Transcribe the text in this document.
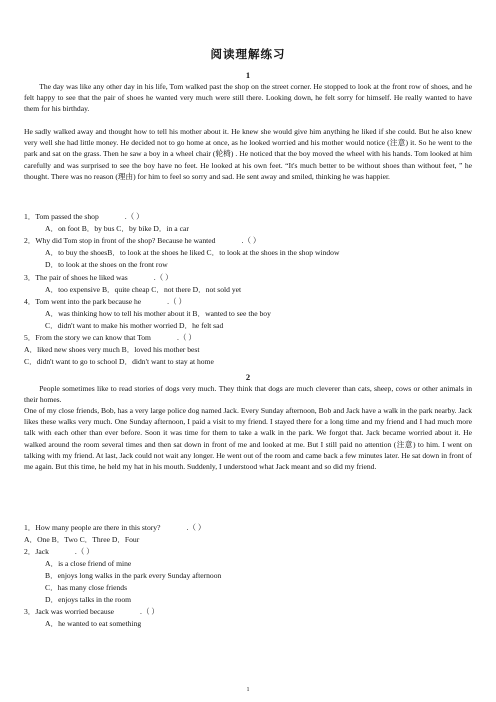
阅读理解练习
1

The day was like any other day in his life, Tom walked past the shop on the street corner. He stopped to look at the front row of shoes, and he felt happy to see that the pair of shoes he wanted very much were still there. Looking down, he felt sorry for himself. He really wanted to have them for his birthday.

He sadly walked away and thought how to tell his mother about it. He knew she would give him anything he liked if she could. But he also knew very well she had little money. He decided not to go home at once, as he looked worried and his mother would notice (注意) it. So he went to the park and sat on the grass. Then he saw a boy in a wheel chair (轮椅) . He noticed that the boy moved the wheel with his hands. Tom looked at him carefully and was surprised to see the boy have no feet. He looked at his own feet. “It's much better to be without shoes than without feet, ” he thought. There was no reason (理由) for him to feel so sorry and sad. He sent away and smiled, thinking he was happier.

1．Tom passed the shop	.（ ）
A．on foot B．by bus C．by bike D．in a car
2．Why did Tom stop in front of the shop? Because he wanted	.（ ）
A．to buy the shoesB．to look at the shoes he liked C．to look at the shoes in the shop window
D．to look at the shoes on the front row
3．The pair of shoes he liked was	.（ ）
A．too expensive B．quite cheap C．not there D．not sold yet
4．Tom went into the park because he	.（ ）
A．was thinking how to tell his mother about it B．wanted to see the boy
C．didn't want to make his mother worried D．he felt sad
5．From the story we can know that Tom	.（ ）
A．liked new shoes very much B．loved his mother best
C．didn't want to go to school D．didn't want to stay at home
2

People sometimes like to read stories of dogs very much. They think that dogs are much cleverer than cats, sheep, cows or other animals in their homes.

One of my close friends, Bob, has a very large police dog named Jack. Every Sunday afternoon, Bob and Jack have a walk in the park nearby. Jack likes these walks very much. One Sunday afternoon, I paid a visit to my friend. I stayed there for a long time and my friend and I had much more talk with each other than ever before. Soon it was time for them to take a walk in the park. We forgot that. Jack became worried about it. He walked around the room several times and then sat down in front of me and looked at me. But I still paid no attention (注意) to him. I went on talking with my friend. At last, Jack could not wait any longer. He went out of the room and came back a few minutes later. He sat down in front of me again. But this time, he held my hat in his mouth. Suddenly, I understood what Jack meant and so did my friend.

1．How many people are there in this story?	.（ ）
A．One B．Two C．Three D．Four
2．Jack	.（ ）
A．is a close friend of mine
B．enjoys long walks in the park every Sunday afternoon
C．has many close friends
D．enjoys talks in the room
3．Jack was worried because	.（ ）
A．he wanted to eat something
1
